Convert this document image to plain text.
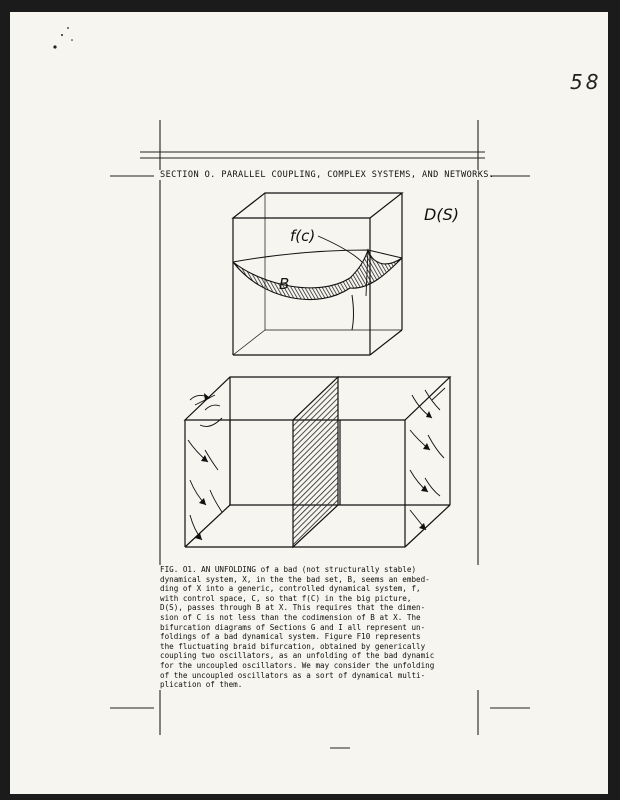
58
SECTION O. PARALLEL COUPLING, COMPLEX SYSTEMS, AND NETWORKS.
f(c)
D(S)
B

FIG. O1. AN UNFOLDING of a bad (not structurally stable)
dynamical system, X, in the the bad set, B, seems an embed-
ding of X into a generic, controlled dynamical system, f,
with control space, C, so that f(C) in the big picture,
D(S), passes through B at X. This requires that the dimen-
sion of C is not less than the codimension of B at X. The
bifurcation diagrams of Sections G and I all represent un-
foldings of a bad dynamical system. Figure F10 represents
the fluctuating braid bifurcation, obtained by generically
coupling two oscillators, as an unfolding of the bad dynamic
for the uncoupled oscillators. We may consider the unfolding
of the uncoupled oscillators as a sort of dynamical multi-
plication of them.
